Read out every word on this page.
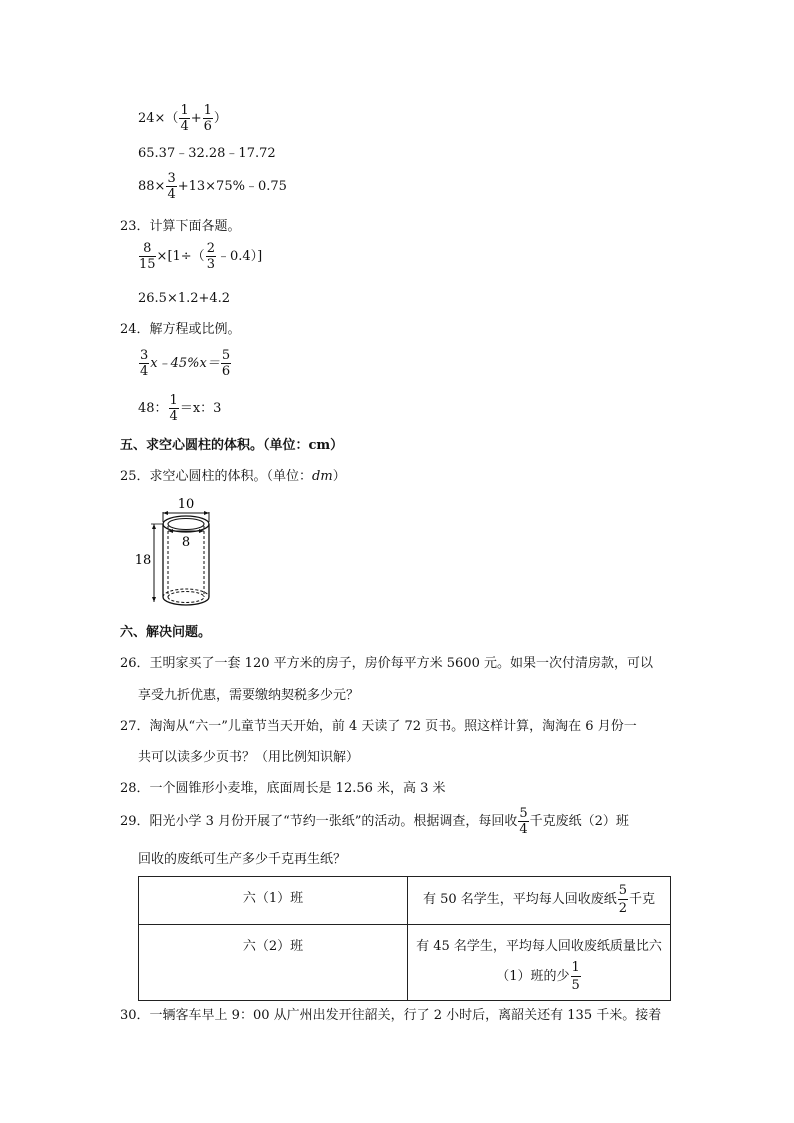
$24\times( \frac{1}{4} + \frac{1}{6}$ ）
65.37﹣32.28﹣17.72
$88\times \frac{3}{4}$ +13×75%﹣0.75
23．计算下面各题。
$\frac{8}{15} \times[1\div( \frac{2}{3}$ ﹣0.4）]
26.5×1.2+4.2
24．解方程或比例。
$\frac{3}{4}$ x﹣45%x＝ $\frac{5}{6}$
48： $\frac{1}{4} =x$：3
五、求空心圆柱的体积。（单位：cm）
25．求空心圆柱的体积。（单位：dm）
10
8
18
六、解决问题。
26．王明家买了一套 120 平方米的房子，房价每平方米 5600 元。如果一次付清房款，可以
享受九折优惠，需要缴纳契税多少元？
27．淘淘从“六一”儿童节当天开始，前 4 天读了 72 页书。照这样计算，淘淘在 6 月份一
共可以读多少页书？（用比例知识解）
28．一个圆锥形小麦堆，底面周长是 12.56 米，高 3 米
29．阳光小学 3 月份开展了“节约一张纸”的活动。根据调查，每回收 $\frac{5}{4}$ 千克废纸（2）班
回收的废纸可生产多少千克再生纸？
六（1）班	有 50 名学生，平均每人回收废纸 $\frac{5}{2}$ 千克
六（2）班	有 45 名学生，平均每人回收废纸质量比六
（1）班的少 $\frac{1}{5}$
30．一辆客车早上 9：00 从广州出发开往韶关，行了 2 小时后，离韶关还有 135 千米。接着
